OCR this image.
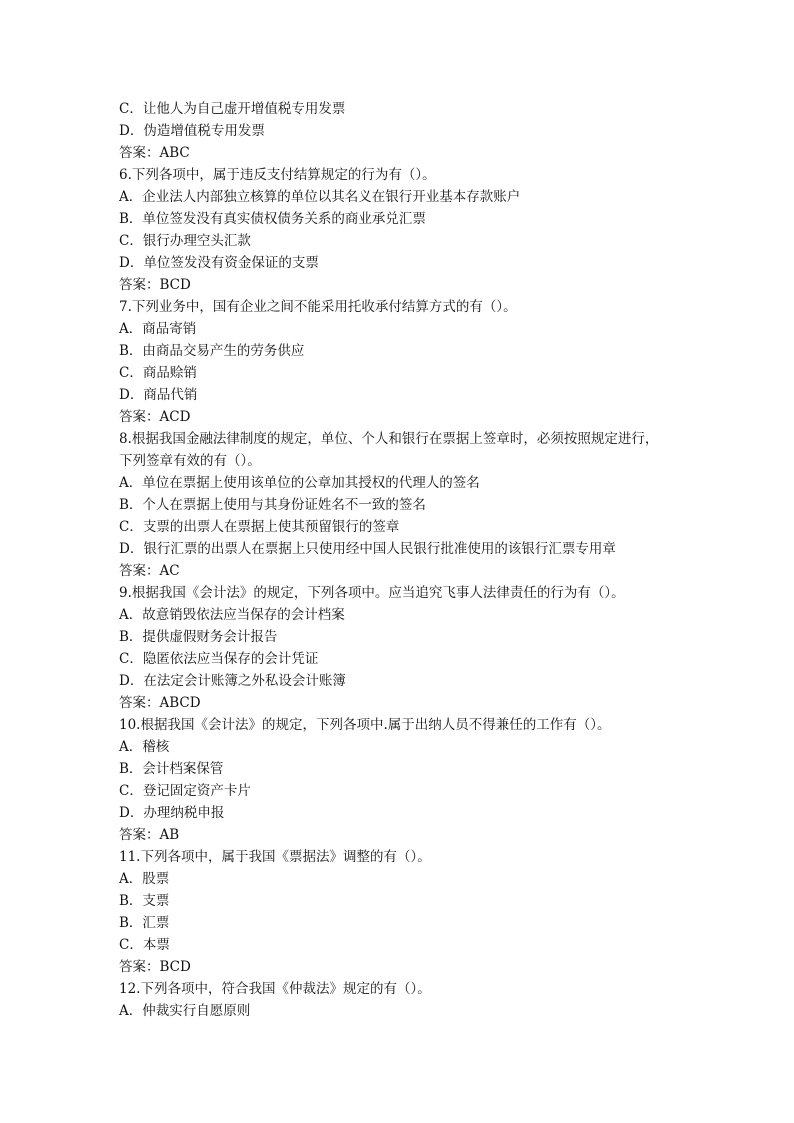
C．让他人为自己虚开增值税专用发票
D．伪造增值税专用发票
答案：ABC
6.下列各项中，属于违反支付结算规定的行为有（）。
A．企业法人内部独立核算的单位以其名义在银行开业基本存款账户
B．单位签发没有真实债权债务关系的商业承兑汇票
C．银行办理空头汇款
D．单位签发没有资金保证的支票
答案：BCD
7.下列业务中，国有企业之间不能采用托收承付结算方式的有（）。
A．商品寄销
B．由商品交易产生的劳务供应
C．商品赊销
D．商品代销
答案：ACD
8.根据我国金融法律制度的规定，单位、个人和银行在票据上签章时，必须按照规定进行，
下列签章有效的有（）。
A．单位在票据上使用该单位的公章加其授权的代理人的签名
B．个人在票据上使用与其身份证姓名不一致的签名
C．支票的出票人在票据上使其预留银行的签章
D．银行汇票的出票人在票据上只使用经中国人民银行批准使用的该银行汇票专用章
答案：AC
9.根据我国《会计法》的规定，下列各项中。应当追究飞事人法律责任的行为有（）。
A．故意销毁依法应当保存的会计档案
B．提供虚假财务会计报告
C．隐匿依法应当保存的会计凭证
D．在法定会计账簿之外私设会计账簿
答案：ABCD
10.根据我国《会计法》的规定，下列各项中.属于出纳人员不得兼任的工作有（）。
A．稽核
B．会计档案保管
C．登记固定资产卡片
D．办理纳税申报
答案：AB
11.下列各项中，属于我国《票据法》调整的有（）。
A．股票
B．支票
B．汇票
C．本票
答案：BCD
12.下列各项中，符合我国《仲裁法》规定的有（）。
A．仲裁实行自愿原则
